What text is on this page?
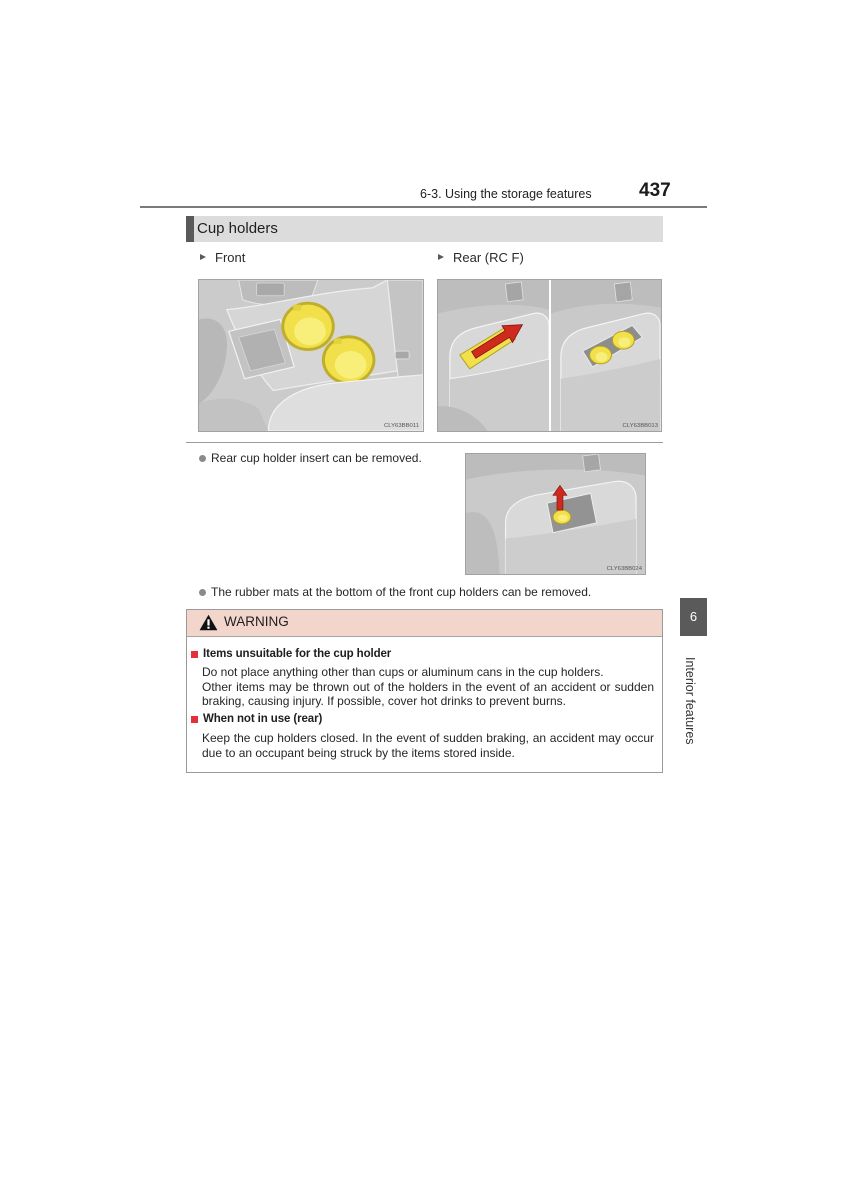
6-3. Using the storage features 437
Cup holders
Front	Rear (RC F)
CLY63BB011	CLY63BB013
Rear cup holder insert can be removed.
CLY63BB024
The rubber mats at the bottom of the front cup holders can be removed.
WARNING
Items unsuitable for the cup holder

Do not place anything other than cups or aluminum cans in the cup holders.

Other items may be thrown out of the holders in the event of an accident or sudden braking, causing injury. If possible, cover hot drinks to prevent burns.

When not in use (rear)

Keep the cup holders closed. In the event of sudden braking, an accident may occur due to an occupant being struck by the items stored inside.

6
Interior features
